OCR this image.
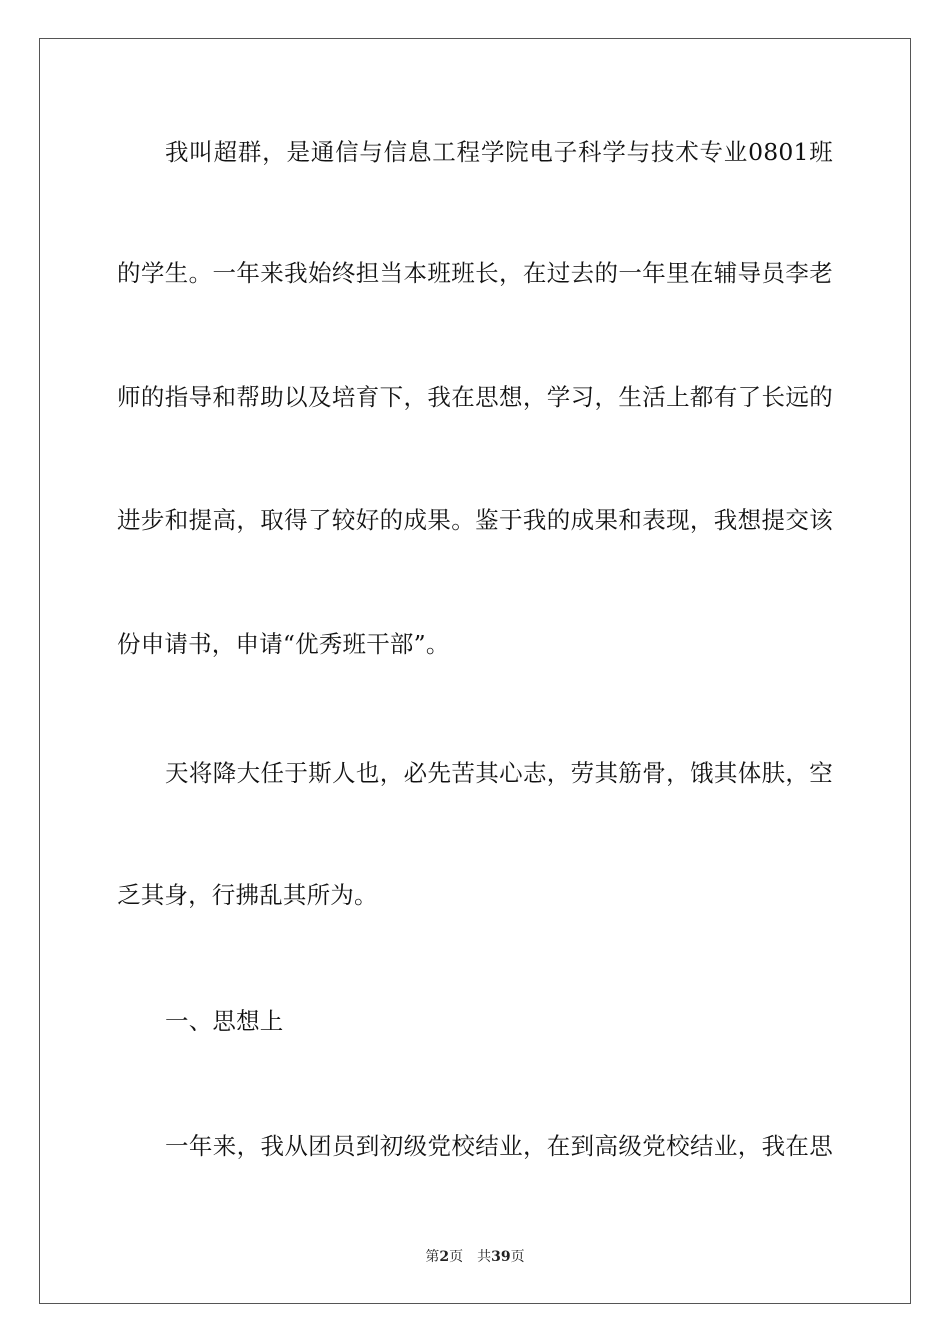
我叫超群，是通信与信息工程学院电子科学与技术专业0801班
的学生。一年来我始终担当本班班长，在过去的一年里在辅导员李老
师的指导和帮助以及培育下，我在思想，学习，生活上都有了长远的
进步和提高，取得了较好的成果。鉴于我的成果和表现，我想提交该
份申请书，申请“优秀班干部”。
天将降大任于斯人也，必先苦其心志，劳其筋骨，饿其体肤，空
乏其身，行拂乱其所为。
一、思想上
一年来，我从团员到初级党校结业，在到高级党校结业，我在思
第2页 共39页
